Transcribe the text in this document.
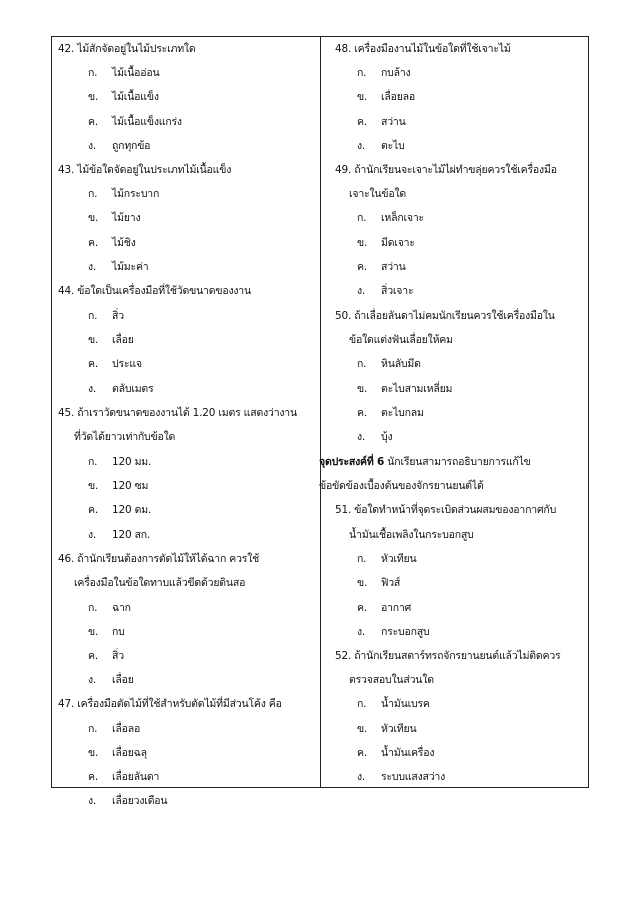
42. ไม้สักจัดอยู่ในไม้ประเภทใด
ก. ไม้เนื้ออ่อน
ข. ไม้เนื้อแข็ง
ค. ไม้เนื้อแข็งแกร่ง
ง. ถูกทุกข้อ
43. ไม้ข้อใดจัดอยู่ในประเภทไม้เนื้อแข็ง
ก. ไม้กระบาก
ข. ไม้ยาง
ค. ไม้ชิง
ง. ไม้มะค่า
44. ข้อใดเป็นเครื่องมือที่ใช้วัดขนาดของงาน
ก. สิ่ว
ข. เลื่อย
ค. ประแจ
ง. ตลับเมตร
45. ถ้าเราวัดขนาดของงานได้ 1.20 เมตร แสดงว่างาน
ที่วัดได้ยาวเท่ากับข้อใด
ก. 120 มม.
ข. 120 ซม
ค. 120 ดม.
ง. 120 สก.
46. ถ้านักเรียนต้องการตัดไม้ให้ได้ฉาก ควรใช้
เครื่องมือในข้อใดทาบแล้วขีดด้วยดินสอ
ก. ฉาก
ข. กบ
ค. สิ่ว
ง. เลื่อย
47. เครื่องมือตัดไม้ที่ใช้สำหรับตัดไม้ที่มีส่วนโค้ง คือ
ก. เลื่อลอ
ข. เลื่อยฉลุ
ค. เลื่อยลันดา
ง. เลื่อยวงเดือน
48. เครื่องมืองานไม้ในข้อใดที่ใช้เจาะไม้
ก. กบล้าง
ข. เลื่อยลอ
ค. สว่าน
ง. ตะไบ
49. ถ้านักเรียนจะเจาะไม้ไผ่ทำขลุ่ยควรใช้เครื่องมือ
เจาะในข้อใด
ก. เหล็กเจาะ
ข. มีดเจาะ
ค. สว่าน
ง. สิ่วเจาะ
50. ถ้าเลื่อยลันดาไม่คมนักเรียนควรใช้เครื่องมือใน
ข้อใดแต่งฟันเลื่อยให้คม
ก. หินลับมีด
ข. ตะไบสามเหลี่ยม
ค. ตะไบกลม
ง. บุ้ง
จุดประสงค์ที่ 6 นักเรียนสามารถอธิบายการแก้ไข
ข้อขัดข้องเบื้องต้นของจักรยานยนต์ได้
51. ข้อใดทำหน้าที่จุดระเบิดส่วนผสมของอากาศกับ
น้ำมันเชื้อเพลิงในกระบอกสูบ
ก. หัวเทียน
ข. ฟิวส์
ค. อากาศ
ง. กระบอกสูบ
52. ถ้านักเรียนสตาร์ทรถจักรยานยนต์แล้วไม่ติดควร
ตรวจสอบในส่วนใด
ก. น้ำมันเบรค
ข. หัวเทียน
ค. น้ำมันเครื่อง
ง. ระบบแสงสว่าง
